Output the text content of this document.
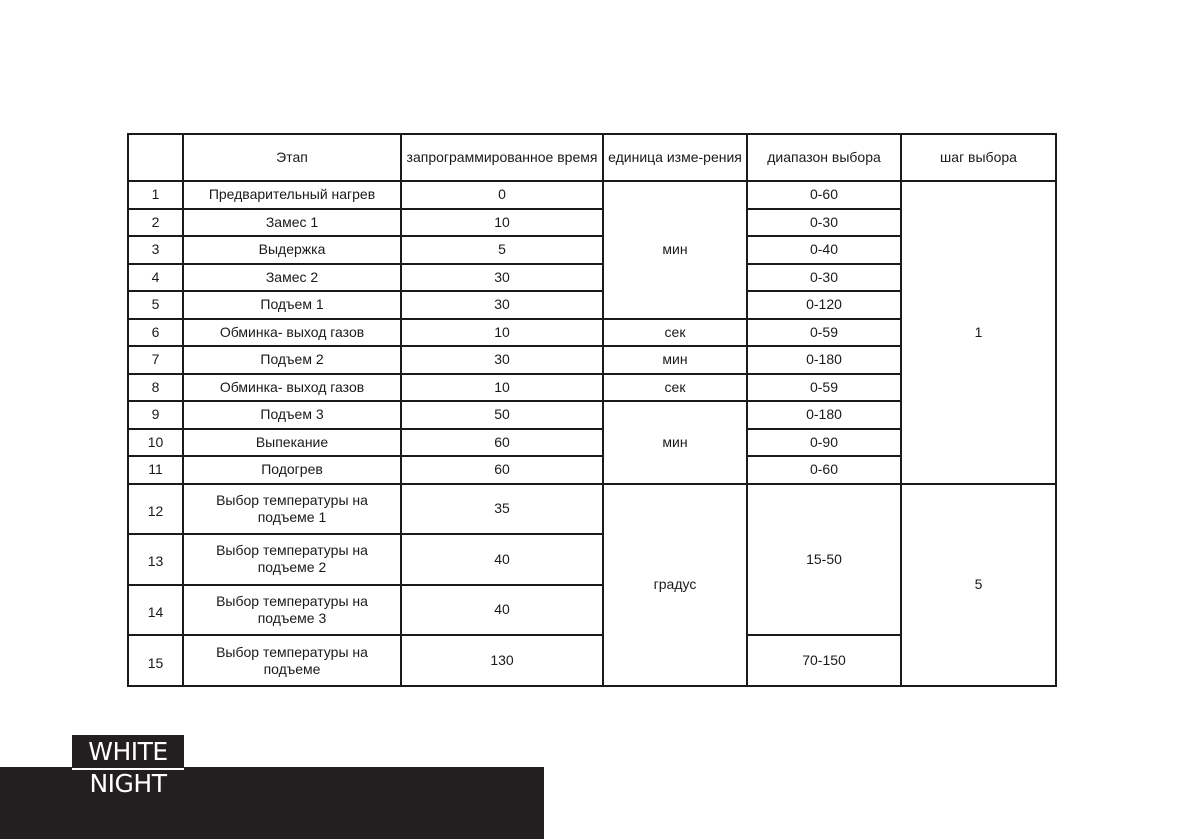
	Этап	запрограммированное время	единица изме-рения	диапазон выбора	шаг выбора
1	Предварительный нагрев	0	мин	0-60	1
2	Замес 1	10		0-30	
3	Выдержка	5		0-40	
4	Замес 2	30		0-30	
5	Подъем 1	30		0-120	
6	Обминка- выход газов	10	сек	0-59	
7	Подъем 2	30	мин	0-180	
8	Обминка- выход газов	10	сек	0-59	
9	Подъем 3	50	мин	0-180	
10	Выпекание	60		0-90	
11	Подогрев	60		0-60	
12	Выбор температуры на подъеме 1	35	градус	15-50	5
13	Выбор температуры на подъеме 2	40			
14	Выбор температуры на подъеме 3	40			
15	Выбор температуры на подъеме	130		70-150	
WHITE
NIGHT
